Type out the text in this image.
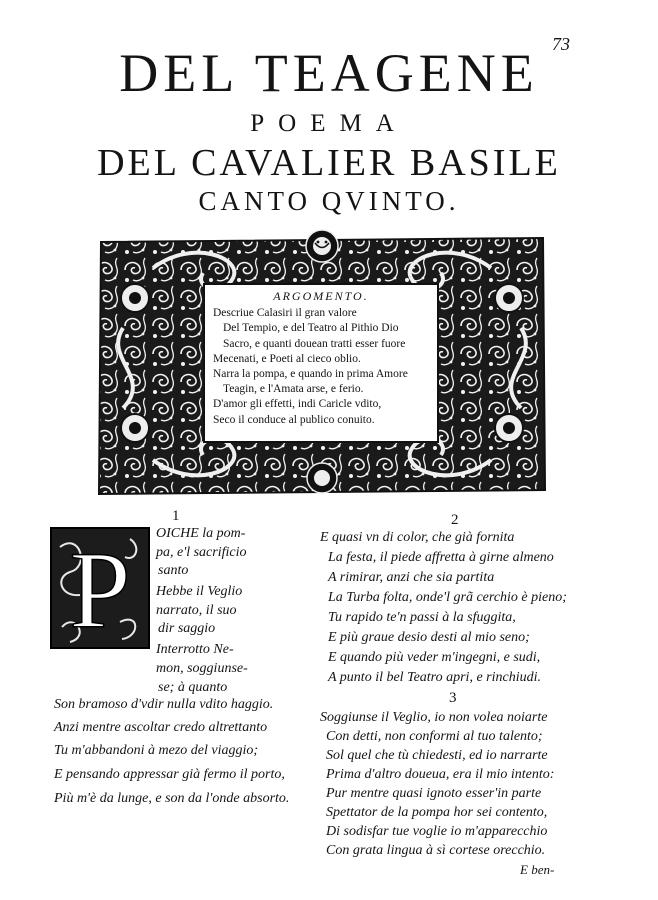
73
DEL TEAGENE
POEMA
DEL CAVALIER BASILE
CANTO QVINTO.
ARGOMENTO.
Descriue Calasiri il gran valore
Del Tempio, e del Teatro al Pithio Dio
Sacro, e quanti douean tratti esser fuore
Mecenati, e Poeti al cieco oblio.
Narra la pompa, e quando in prima Amore
Teagin, e l'Amata arse, e ferio.
D'amor gli effetti, indi Caricle vdito,
Seco il conduce al publico conuito.
1
P OICHE la pom-
pa, e'l sacrificio
santo
Hebbe il Veglio
narrato, il suo
dir saggio
Interrotto Ne-
mon, soggiunse-
se; à quanto
Son bramoso d'vdir nulla vdito haggio.
Anzi mentre ascoltar credo altrettanto
Tu m'abbandoni à mezo del viaggio;
E pensando appressar già fermo il porto,
Più m'è da lunge, e son da l'onde absorto.
2
E quasi vn di color, che già fornita
La festa, il piede affretta à girne almeno
A rimirar, anzi che sia partita
La Turba folta, onde'l grã cerchio è pieno;
Tu rapido te'n passi à la sfuggita,
E più graue desio desti al mio seno;
E quando più veder m'ingegni, e sudi,
A punto il bel Teatro apri, e rinchiudi.
3
Soggiunse il Veglio, io non volea noiarte
Con detti, non conformi al tuo talento;
Sol quel che tù chiedesti, ed io narrarte
Prima d'altro doueua, era il mio intento:
Pur mentre quasi ignoto esser'in parte
Spettator de la pompa hor sei contento,
Di sodisfar tue voglie io m'apparecchio
Con grata lingua à sì cortese orecchio.
E ben-
